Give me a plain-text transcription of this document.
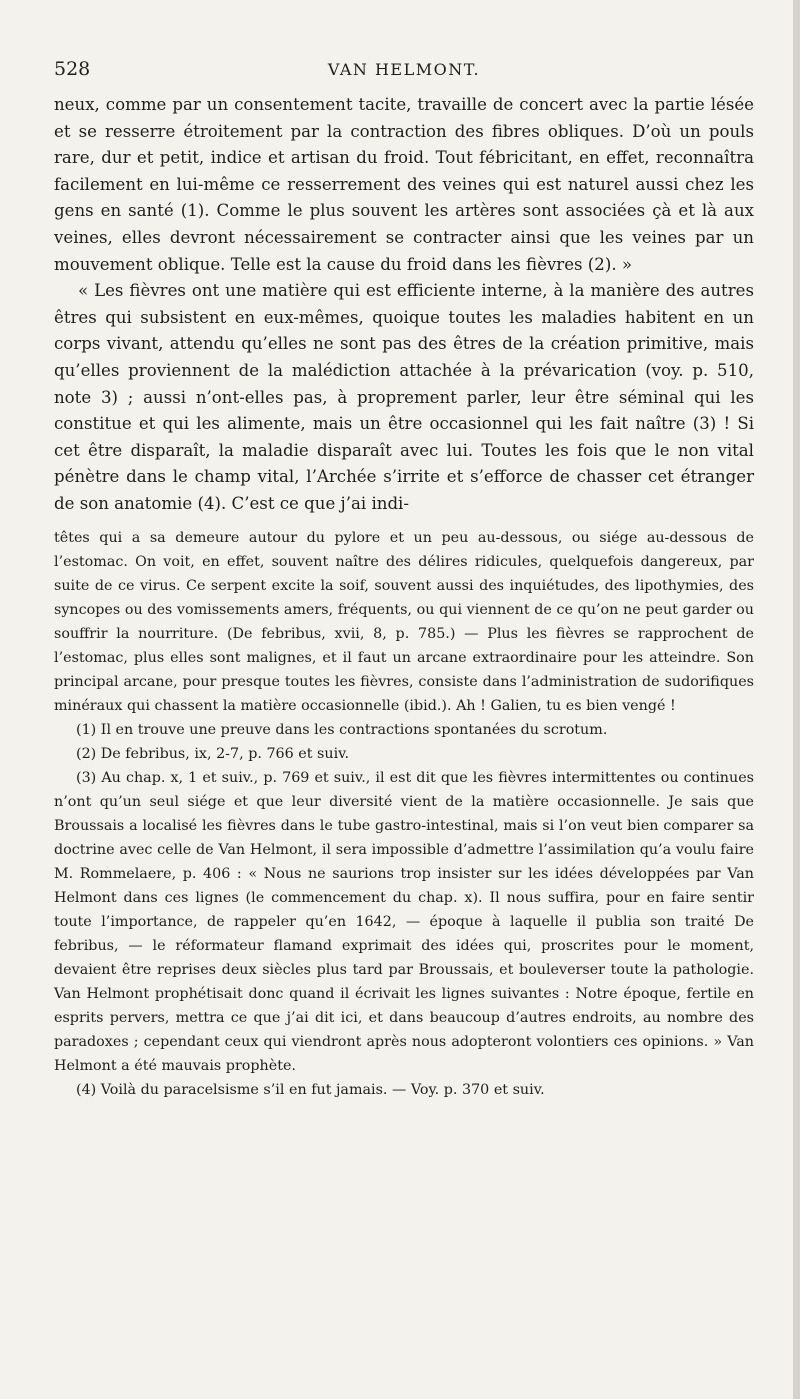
528	VAN HELMONT.

neux, comme par un consentement tacite, travaille de concert avec la partie lésée et se resserre étroitement par la contraction des fibres obliques. D’où un pouls rare, dur et petit, indice et artisan du froid. Tout fébricitant, en effet, reconnaîtra facilement en lui-même ce resserrement des veines qui est naturel aussi chez les gens en santé (1). Comme le plus souvent les artères sont associées çà et là aux veines, elles devront nécessairement se contracter ainsi que les veines par un mouvement oblique. Telle est la cause du froid dans les fièvres (2). »

« Les fièvres ont une matière qui est efficiente interne, à la manière des autres êtres qui subsistent en eux-mêmes, quoique toutes les maladies habitent en un corps vivant, attendu qu’elles ne sont pas des êtres de la création primitive, mais qu’elles proviennent de la malédiction attachée à la prévarication (voy. p. 510, note 3) ; aussi n’ont-elles pas, à proprement parler, leur être séminal qui les constitue et qui les alimente, mais un être occasionnel qui les fait naître (3) ! Si cet être disparaît, la maladie disparaît avec lui. Toutes les fois que le non vital pénètre dans le champ vital, l’Archée s’irrite et s’efforce de chasser cet étranger de son anatomie (4). C’est ce que j’ai indi-

têtes qui a sa demeure autour du pylore et un peu au-dessous, ou siége au-dessous de l’estomac. On voit, en effet, souvent naître des délires ridicules, quelquefois dangereux, par suite de ce virus. Ce serpent excite la soif, souvent aussi des inquiétudes, des lipothymies, des syncopes ou des vomissements amers, fréquents, ou qui viennent de ce qu’on ne peut garder ou souffrir la nourriture. (De febribus, xvii, 8, p. 785.) — Plus les fièvres se rapprochent de l’estomac, plus elles sont malignes, et il faut un arcane extraordinaire pour les atteindre. Son principal arcane, pour presque toutes les fièvres, consiste dans l’administration de sudorifiques minéraux qui chassent la matière occasionnelle (ibid.). Ah ! Galien, tu es bien vengé !

(1) Il en trouve une preuve dans les contractions spontanées du scrotum.

(2) De febribus, ix, 2-7, p. 766 et suiv.

(3) Au chap. x, 1 et suiv., p. 769 et suiv., il est dit que les fièvres intermittentes ou continues n’ont qu’un seul siége et que leur diversité vient de la matière occasionnelle. Je sais que Broussais a localisé les fièvres dans le tube gastro-intestinal, mais si l’on veut bien comparer sa doctrine avec celle de Van Helmont, il sera impossible d’admettre l’assimilation qu’a voulu faire M. Rommelaere, p. 406 : « Nous ne saurions trop insister sur les idées développées par Van Helmont dans ces lignes (le commencement du chap. x). Il nous suffira, pour en faire sentir toute l’importance, de rappeler qu’en 1642, — époque à laquelle il publia son traité De febribus, — le réformateur flamand exprimait des idées qui, proscrites pour le moment, devaient être reprises deux siècles plus tard par Broussais, et bouleverser toute la pathologie. Van Helmont prophétisait donc quand il écrivait les lignes suivantes : Notre époque, fertile en esprits pervers, mettra ce que j’ai dit ici, et dans beaucoup d’autres endroits, au nombre des paradoxes ; cependant ceux qui viendront après nous adopteront volontiers ces opinions. » Van Helmont a été mauvais prophète.

(4) Voilà du paracelsisme s’il en fut jamais. — Voy. p. 370 et suiv.
